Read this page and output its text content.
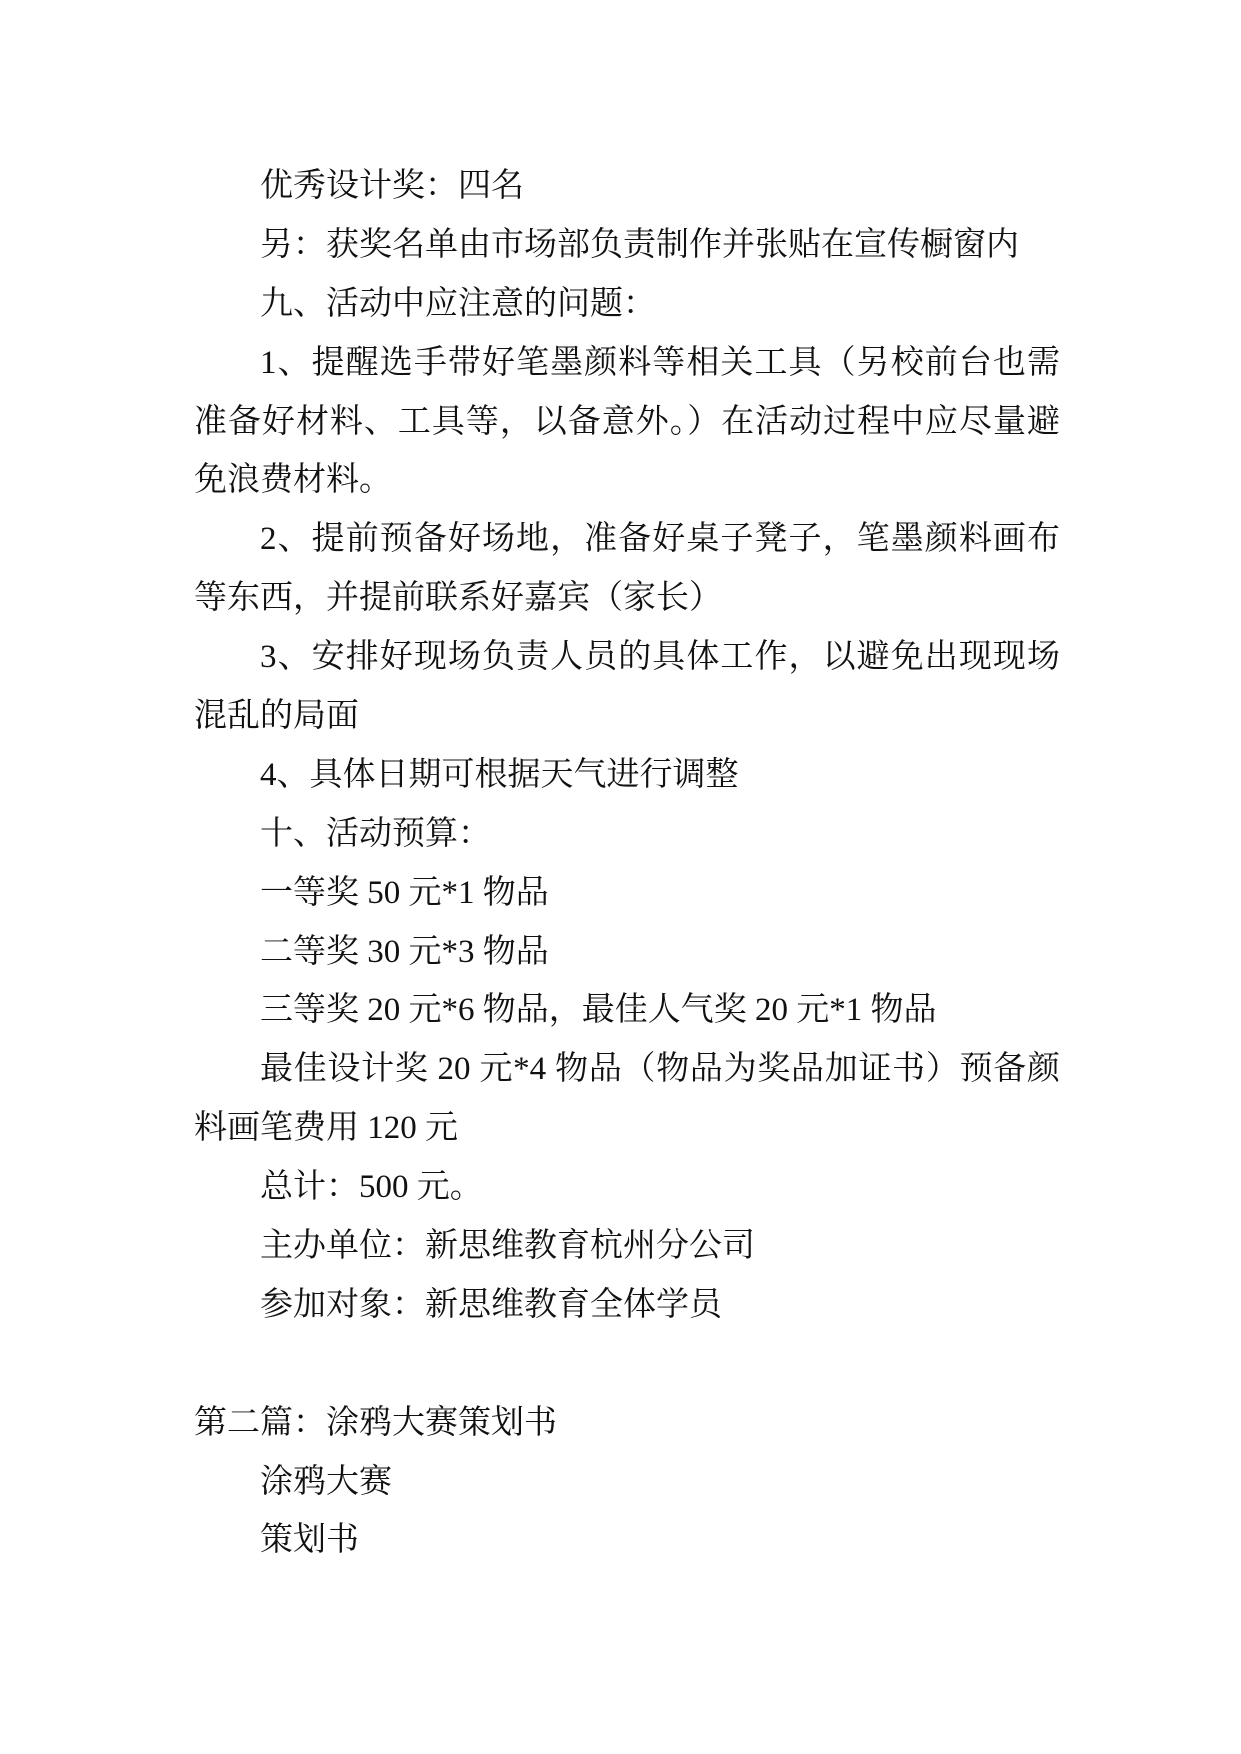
优秀设计奖：四名

另：获奖名单由市场部负责制作并张贴在宣传橱窗内

九、活动中应注意的问题：

1、提醒选手带好笔墨颜料等相关工具（另校前台也需
准备好材料、工具等，以备意外。）在活动过程中应尽量避
免浪费材料。

2、提前预备好场地，准备好桌子凳子，笔墨颜料画布
等东西，并提前联系好嘉宾（家长）

3、安排好现场负责人员的具体工作，以避免出现现场
混乱的局面

4、具体日期可根据天气进行调整

十、活动预算：

一等奖 50 元*1 物品

二等奖 30 元*3 物品

三等奖 20 元*6 物品，最佳人气奖 20 元*1 物品

最佳设计奖 20 元*4 物品（物品为奖品加证书）预备颜
料画笔费用 120 元

总计：500 元。

主办单位：新思维教育杭州分公司

参加对象：新思维教育全体学员

第二篇：涂鸦大赛策划书

涂鸦大赛
策划书
